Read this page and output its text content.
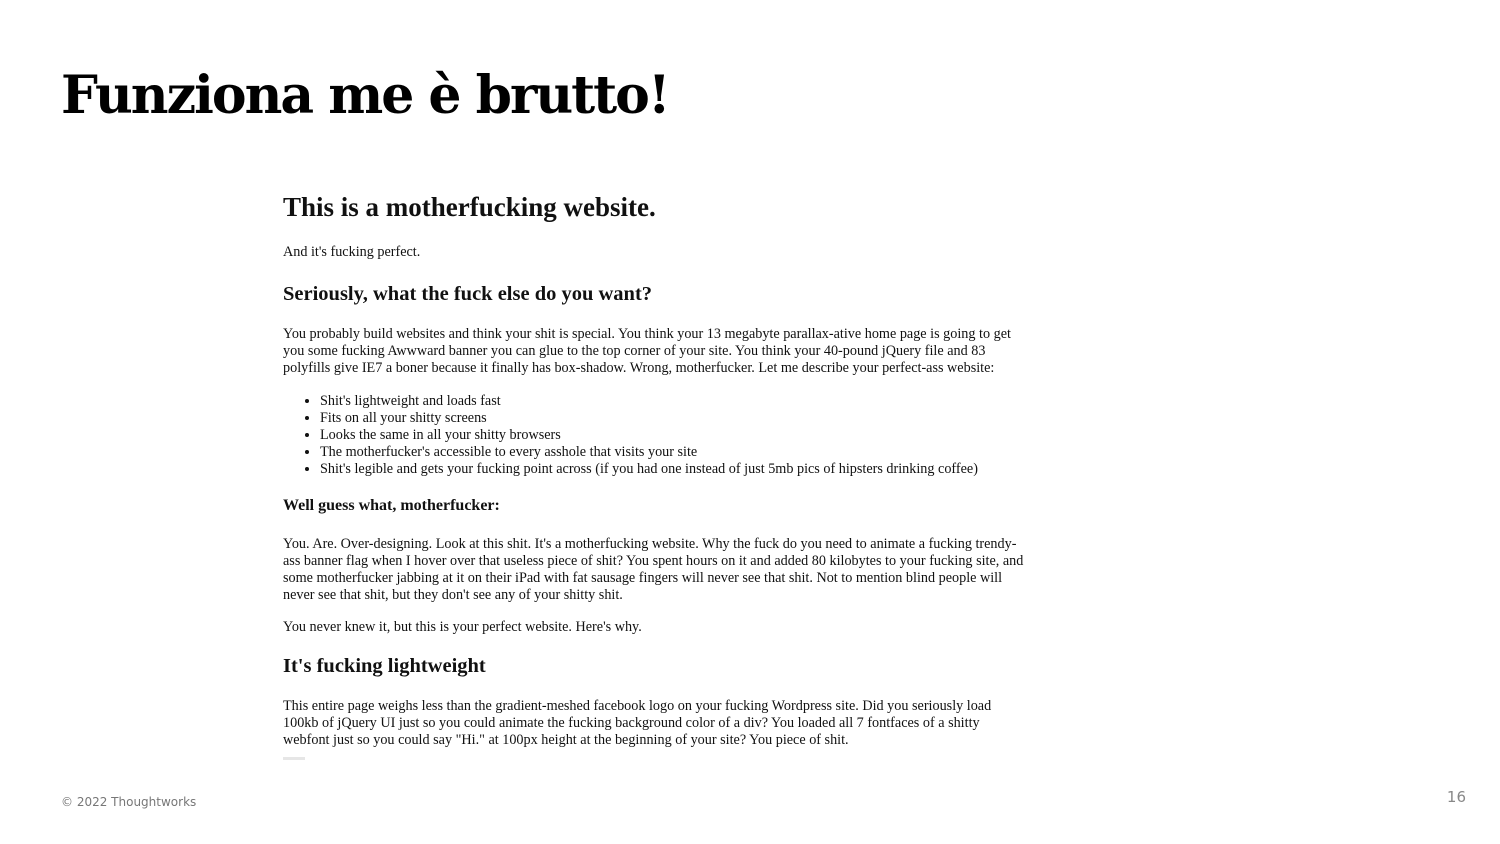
Funziona me è brutto!
This is a motherfucking website.

And it's fucking perfect.

Seriously, what the fuck else do you want?

You probably build websites and think your shit is special. You think your 13 megabyte parallax-ative home page is going to get
you some fucking Awwward banner you can glue to the top corner of your site. You think your 40-pound jQuery file and 83
polyfills give IE7 a boner because it finally has box-shadow. Wrong, motherfucker. Let me describe your perfect-ass website:

• Shit's lightweight and loads fast
• Fits on all your shitty screens
• Looks the same in all your shitty browsers
• The motherfucker's accessible to every asshole that visits your site
• Shit's legible and gets your fucking point across (if you had one instead of just 5mb pics of hipsters drinking coffee)
Well guess what, motherfucker:

You. Are. Over-designing. Look at this shit. It's a motherfucking website. Why the fuck do you need to animate a fucking trendy-
ass banner flag when I hover over that useless piece of shit? You spent hours on it and added 80 kilobytes to your fucking site, and
some motherfucker jabbing at it on their iPad with fat sausage fingers will never see that shit. Not to mention blind people will
never see that shit, but they don't see any of your shitty shit.

You never knew it, but this is your perfect website. Here's why.

It's fucking lightweight

This entire page weighs less than the gradient-meshed facebook logo on your fucking Wordpress site. Did you seriously load
100kb of jQuery UI just so you could animate the fucking background color of a div? You loaded all 7 fontfaces of a shitty
webfont just so you could say "Hi." at 100px height at the beginning of your site? You piece of shit.

© 2022 Thoughtworks	16
